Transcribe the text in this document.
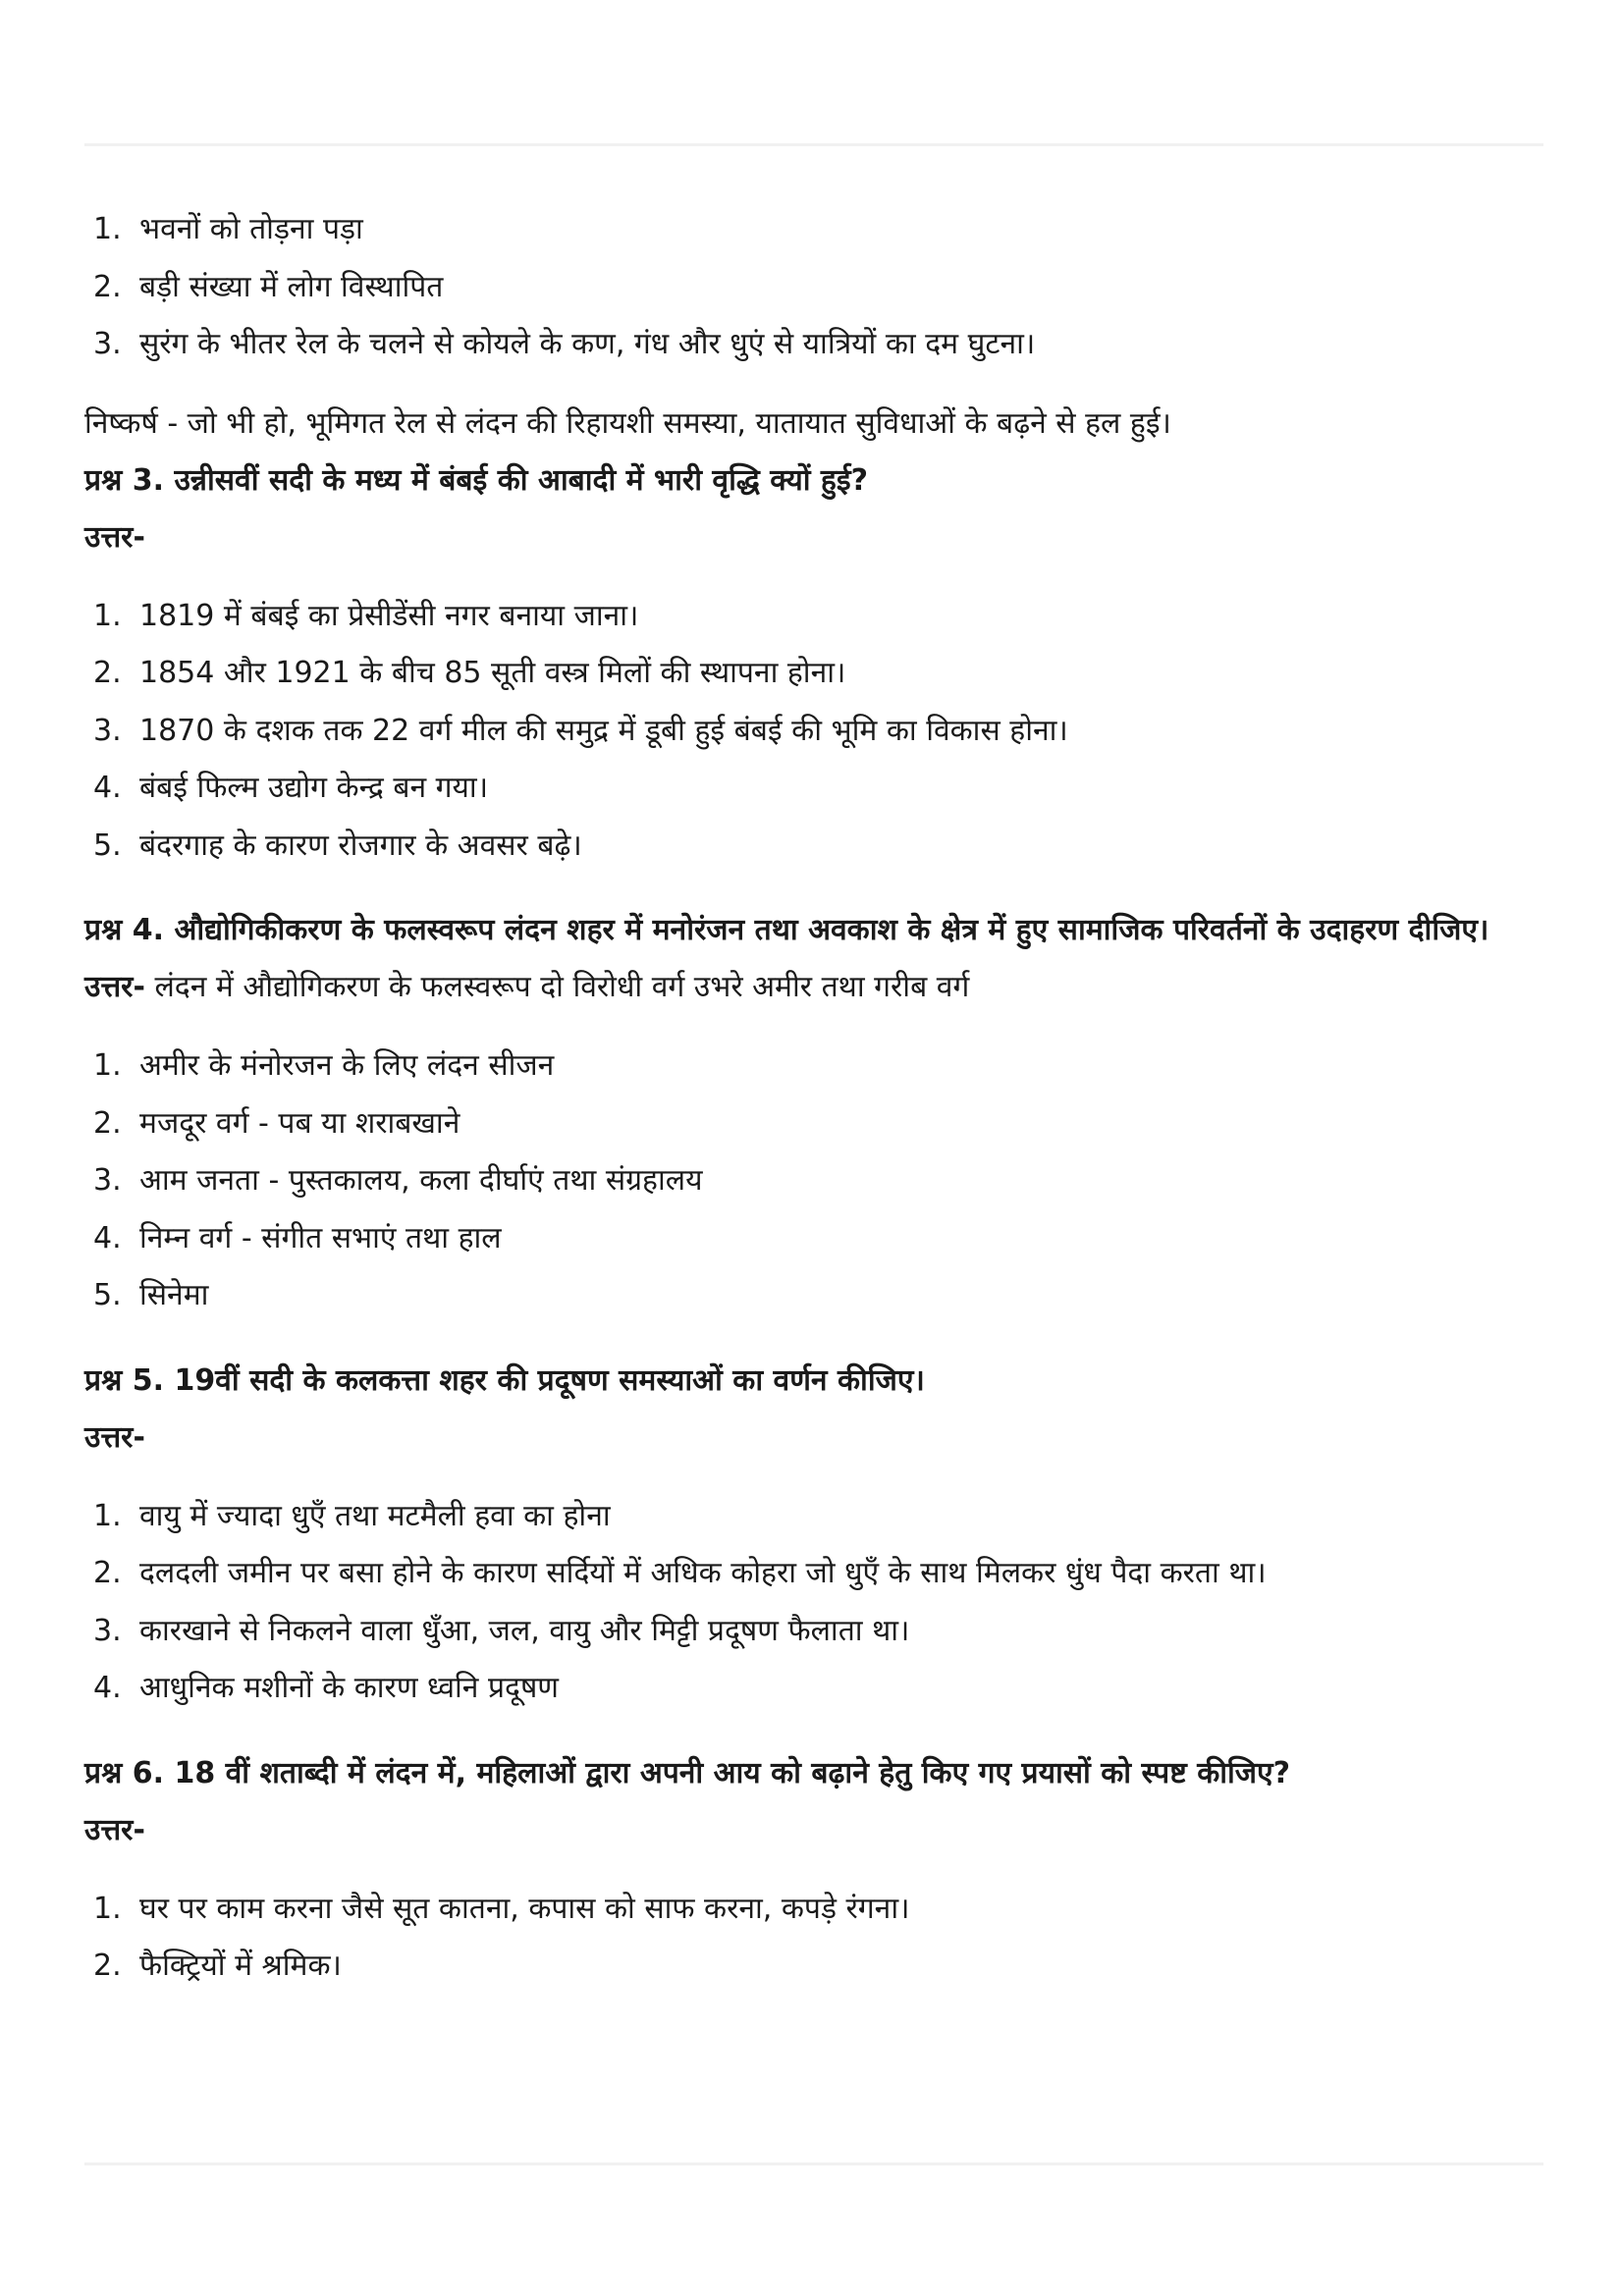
1. भवनों को तोड़ना पड़ा
2. बड़ी संख्या में लोग विस्थापित
3. सुरंग के भीतर रेल के चलने से कोयले के कण, गंध और धुएं से यात्रियों का दम घुटना।

निष्कर्ष - जो भी हो, भूमिगत रेल से लंदन की रिहायशी समस्या, यातायात सुविधाओं के बढ़ने से हल हुई।

प्रश्न 3. उन्नीसवीं सदी के मध्य में बंबई की आबादी में भारी वृद्धि क्यों हुई?

उत्तर-

1. 1819 में बंबई का प्रेसीडेंसी नगर बनाया जाना।
2. 1854 और 1921 के बीच 85 सूती वस्त्र मिलों की स्थापना होना।
3. 1870 के दशक तक 22 वर्ग मील की समुद्र में डूबी हुई बंबई की भूमि का विकास होना।
4. बंबई फिल्म उद्योग केन्द्र बन गया।
5. बंदरगाह के कारण रोजगार के अवसर बढ़े।

प्रश्न 4. औद्योगिकीकरण के फलस्वरूप लंदन शहर में मनोरंजन तथा अवकाश के क्षेत्र में हुए सामाजिक परिवर्तनों के उदाहरण दीजिए।

उत्तर- लंदन में औद्योगिकरण के फलस्वरूप दो विरोधी वर्ग उभरे अमीर तथा गरीब वर्ग

1. अमीर के मंनोरजन के लिए लंदन सीजन
2. मजदूर वर्ग - पब या शराबखाने
3. आम जनता - पुस्तकालय, कला दीर्घाएं तथा संग्रहालय
4. निम्न वर्ग - संगीत सभाएं तथा हाल
5. सिनेमा

प्रश्न 5. 19वीं सदी के कलकत्ता शहर की प्रदूषण समस्याओं का वर्णन कीजिए।

उत्तर-

1. वायु में ज्यादा धुएँ तथा मटमैली हवा का होना
2. दलदली जमीन पर बसा होने के कारण सर्दियों में अधिक कोहरा जो धुएँ के साथ मिलकर धुंध पैदा करता था।
3. कारखाने से निकलने वाला धुँआ, जल, वायु और मिट्टी प्रदूषण फैलाता था।
4. आधुनिक मशीनों के कारण ध्वनि प्रदूषण

प्रश्न 6. 18 वीं शताब्दी में लंदन में, महिलाओं द्वारा अपनी आय को बढ़ाने हेतु किए गए प्रयासों को स्पष्ट कीजिए?

उत्तर-

1. घर पर काम करना जैसे सूत कातना, कपास को साफ करना, कपड़े रंगना।
2. फैक्ट्रियों में श्रमिक।
